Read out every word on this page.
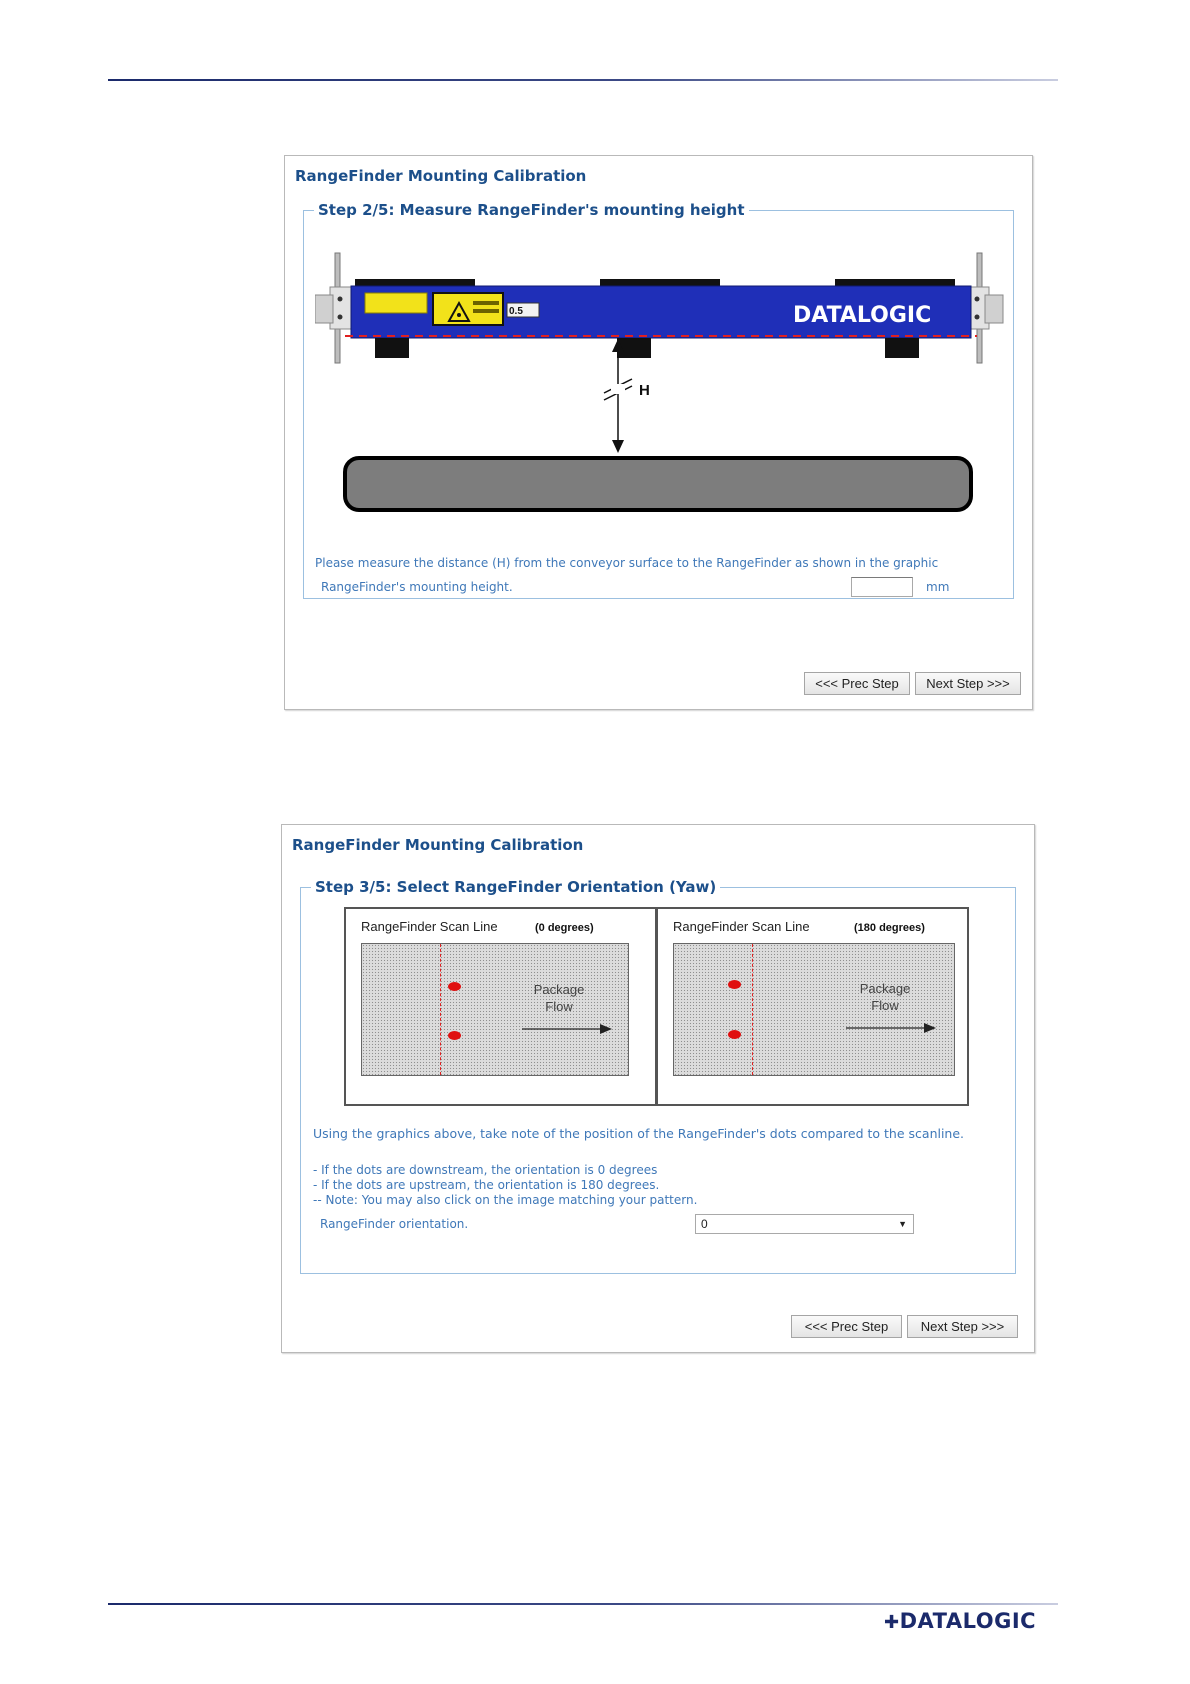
RangeFinder Mounting Calibration
Step 2/5: Measure RangeFinder's mounting height
0.5	DATALOGIC
H
Please measure the distance (H) from the conveyor surface to the RangeFinder as shown in the graphic
RangeFinder's mounting height.	mm
<<< Prec Step	Next Step >>>
RangeFinder Mounting Calibration
Step 3/5: Select RangeFinder Orientation (Yaw)
RangeFinder Scan Line	(0 degrees)
Package
Flow
RangeFinder Scan Line	(180 degrees)
Package
Flow
Using the graphics above, take note of the position of the RangeFinder's dots compared to the scanline.
- If the dots are downstream, the orientation is 0 degrees
- If the dots are upstream, the orientation is 180 degrees.
-- Note: You may also click on the image matching your pattern.
RangeFinder orientation.	0	▼
<<< Prec Step	Next Step >>>
✚DATALOGIC
